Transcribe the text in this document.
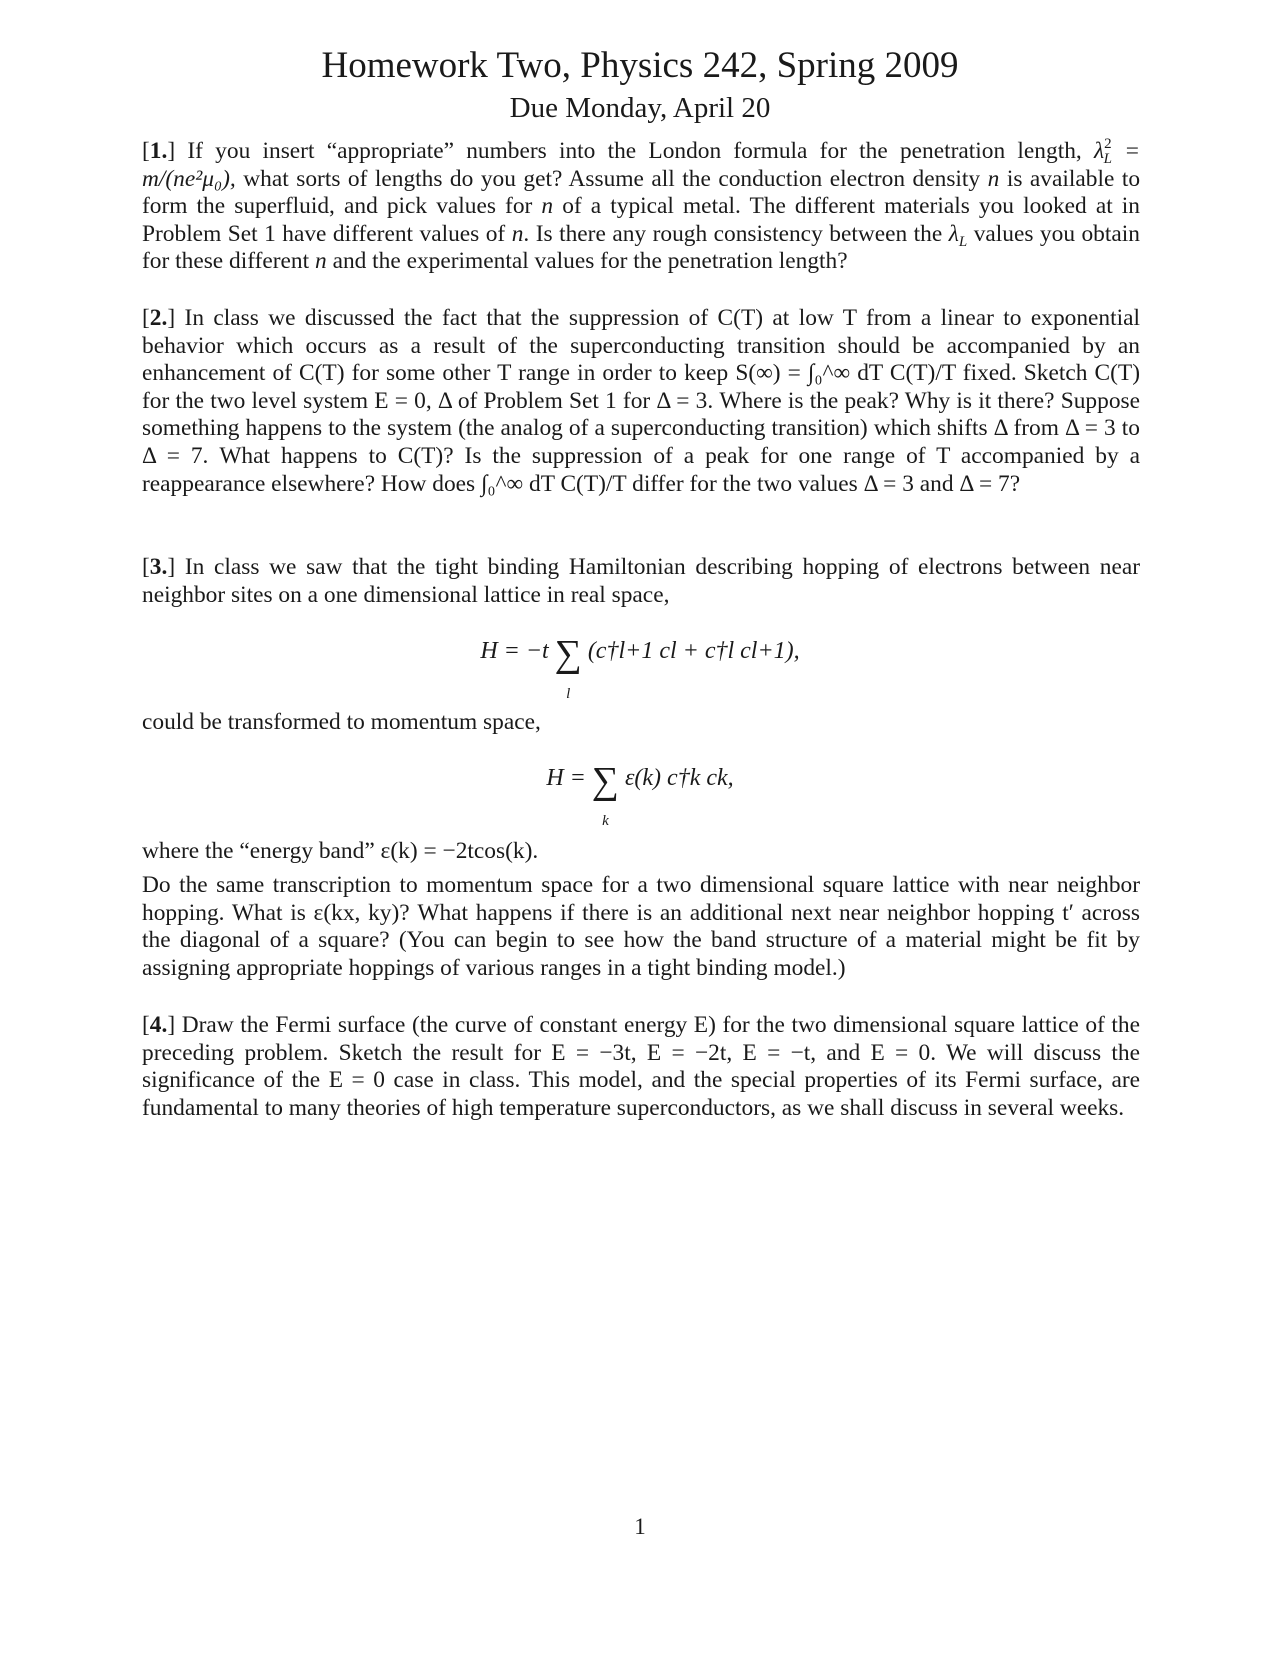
Homework Two, Physics 242, Spring 2009
Due Monday, April 20
[1.] If you insert “appropriate” numbers into the London formula for the penetration length, $\lambda^2_L = m/(ne^2\mu_0)$, what sorts of lengths do you get? Assume all the conduction electron density n is available to form the superfluid, and pick values for n of a typical metal. The different materials you looked at in Problem Set 1 have different values of n. Is there any rough consistency between the $\lambda_L$ values you obtain for these different n and the experimental values for the penetration length?
[2.] In class we discussed the fact that the suppression of C(T) at low T from a linear to exponential behavior which occurs as a result of the superconducting transition should be accompanied by an enhancement of C(T) for some other T range in order to keep S(∞) = ∫₀^∞ dT C(T)/T fixed. Sketch C(T) for the two level system E = 0, Δ of Problem Set 1 for Δ = 3. Where is the peak? Why is it there? Suppose something happens to the system (the analog of a superconducting transition) which shifts Δ from Δ = 3 to Δ = 7. What happens to C(T)? Is the suppression of a peak for one range of T accompanied by a reappearance elsewhere? How does ∫₀^∞ dT C(T)/T differ for the two values Δ = 3 and Δ = 7?
[3.] In class we saw that the tight binding Hamiltonian describing hopping of electrons between near neighbor sites on a one dimensional lattice in real space,
H = −t ∑
l
(c†l+1 cl + c†l cl+1),
could be transformed to momentum space,
H = ∑
k
ε(k) c†k ck,
where the “energy band” ε(k) = −2tcos(k).
Do the same transcription to momentum space for a two dimensional square lattice with near neighbor hopping. What is ε(kx, ky)? What happens if there is an additional next near neighbor hopping t′ across the diagonal of a square? (You can begin to see how the band structure of a material might be fit by assigning appropriate hoppings of various ranges in a tight binding model.)
[4.] Draw the Fermi surface (the curve of constant energy E) for the two dimensional square lattice of the preceding problem. Sketch the result for E = −3t, E = −2t, E = −t, and E = 0. We will discuss the significance of the E = 0 case in class. This model, and the special properties of its Fermi surface, are fundamental to many theories of high temperature superconductors, as we shall discuss in several weeks.
1
